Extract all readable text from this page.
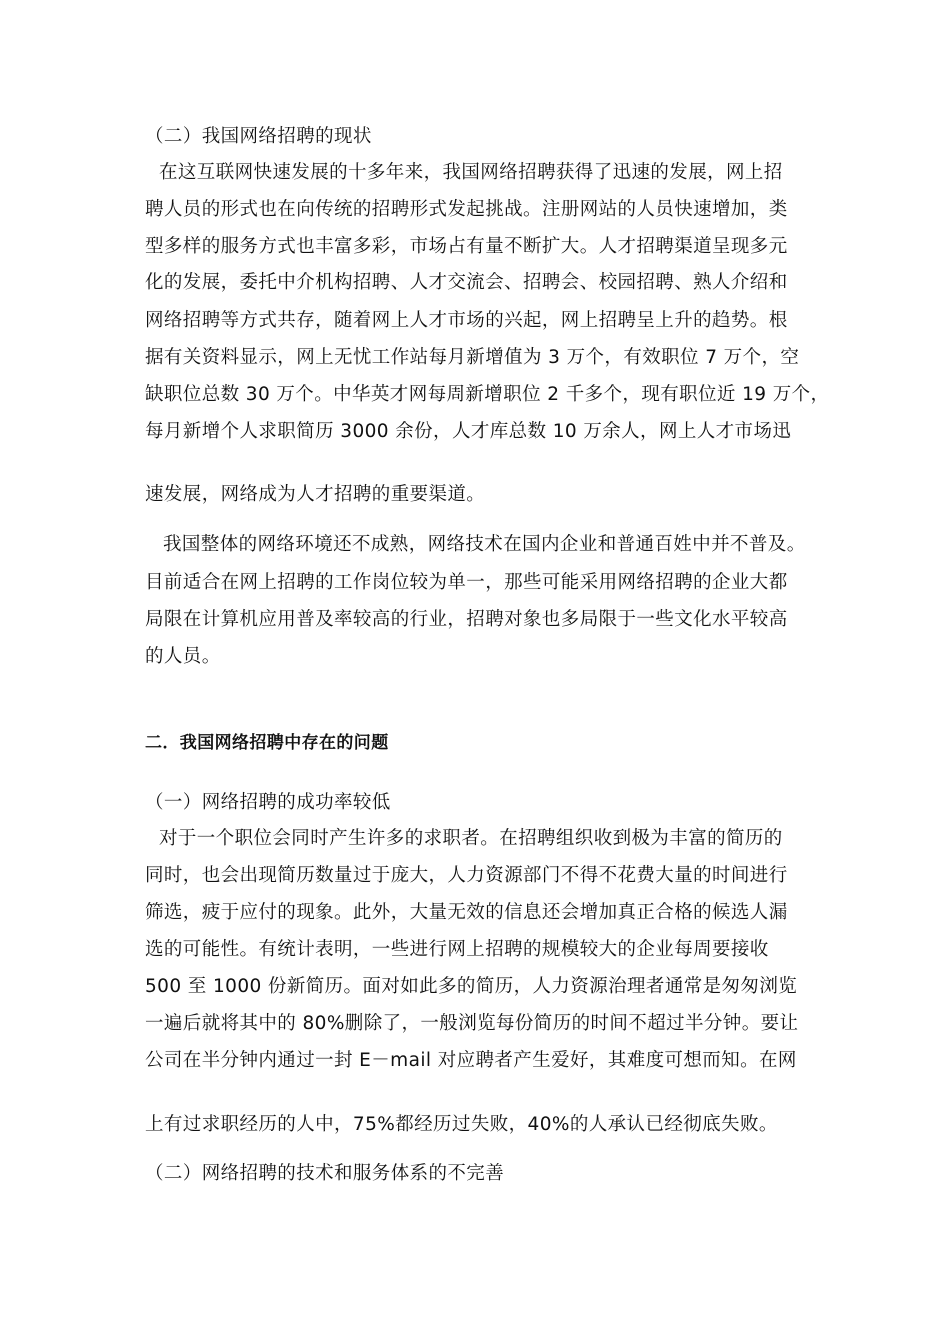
（二）我国网络招聘的现状
在这互联网快速发展的十多年来，我国网络招聘获得了迅速的发展，网上招
聘人员的形式也在向传统的招聘形式发起挑战。注册网站的人员快速增加，类
型多样的服务方式也丰富多彩，市场占有量不断扩大。人才招聘渠道呈现多元
化的发展，委托中介机构招聘、人才交流会、招聘会、校园招聘、熟人介绍和
网络招聘等方式共存，随着网上人才市场的兴起，网上招聘呈上升的趋势。根
据有关资料显示，网上无忧工作站每月新增值为 3 万个，有效职位 7 万个，空
缺职位总数 30 万个。中华英才网每周新增职位 2 千多个，现有职位近 19 万个，
每月新增个人求职简历 3000 余份，人才库总数 10 万余人，网上人才市场迅
速发展，网络成为人才招聘的重要渠道。
我国整体的网络环境还不成熟，网络技术在国内企业和普通百姓中并不普及。
目前适合在网上招聘的工作岗位较为单一，那些可能采用网络招聘的企业大都
局限在计算机应用普及率较高的行业，招聘对象也多局限于一些文化水平较高
的人员。
二．我国网络招聘中存在的问题
（一）网络招聘的成功率较低
对于一个职位会同时产生许多的求职者。在招聘组织收到极为丰富的简历的
同时，也会出现简历数量过于庞大，人力资源部门不得不花费大量的时间进行
筛选，疲于应付的现象。此外，大量无效的信息还会增加真正合格的候选人漏
选的可能性。有统计表明，一些进行网上招聘的规模较大的企业每周要接收
500 至 1000 份新简历。面对如此多的简历，人力资源治理者通常是匆匆浏览
一遍后就将其中的 80%删除了，一般浏览每份简历的时间不超过半分钟。要让
公司在半分钟内通过一封 E－mail 对应聘者产生爱好，其难度可想而知。在网
上有过求职经历的人中，75%都经历过失败，40%的人承认已经彻底失败。
（二）网络招聘的技术和服务体系的不完善
